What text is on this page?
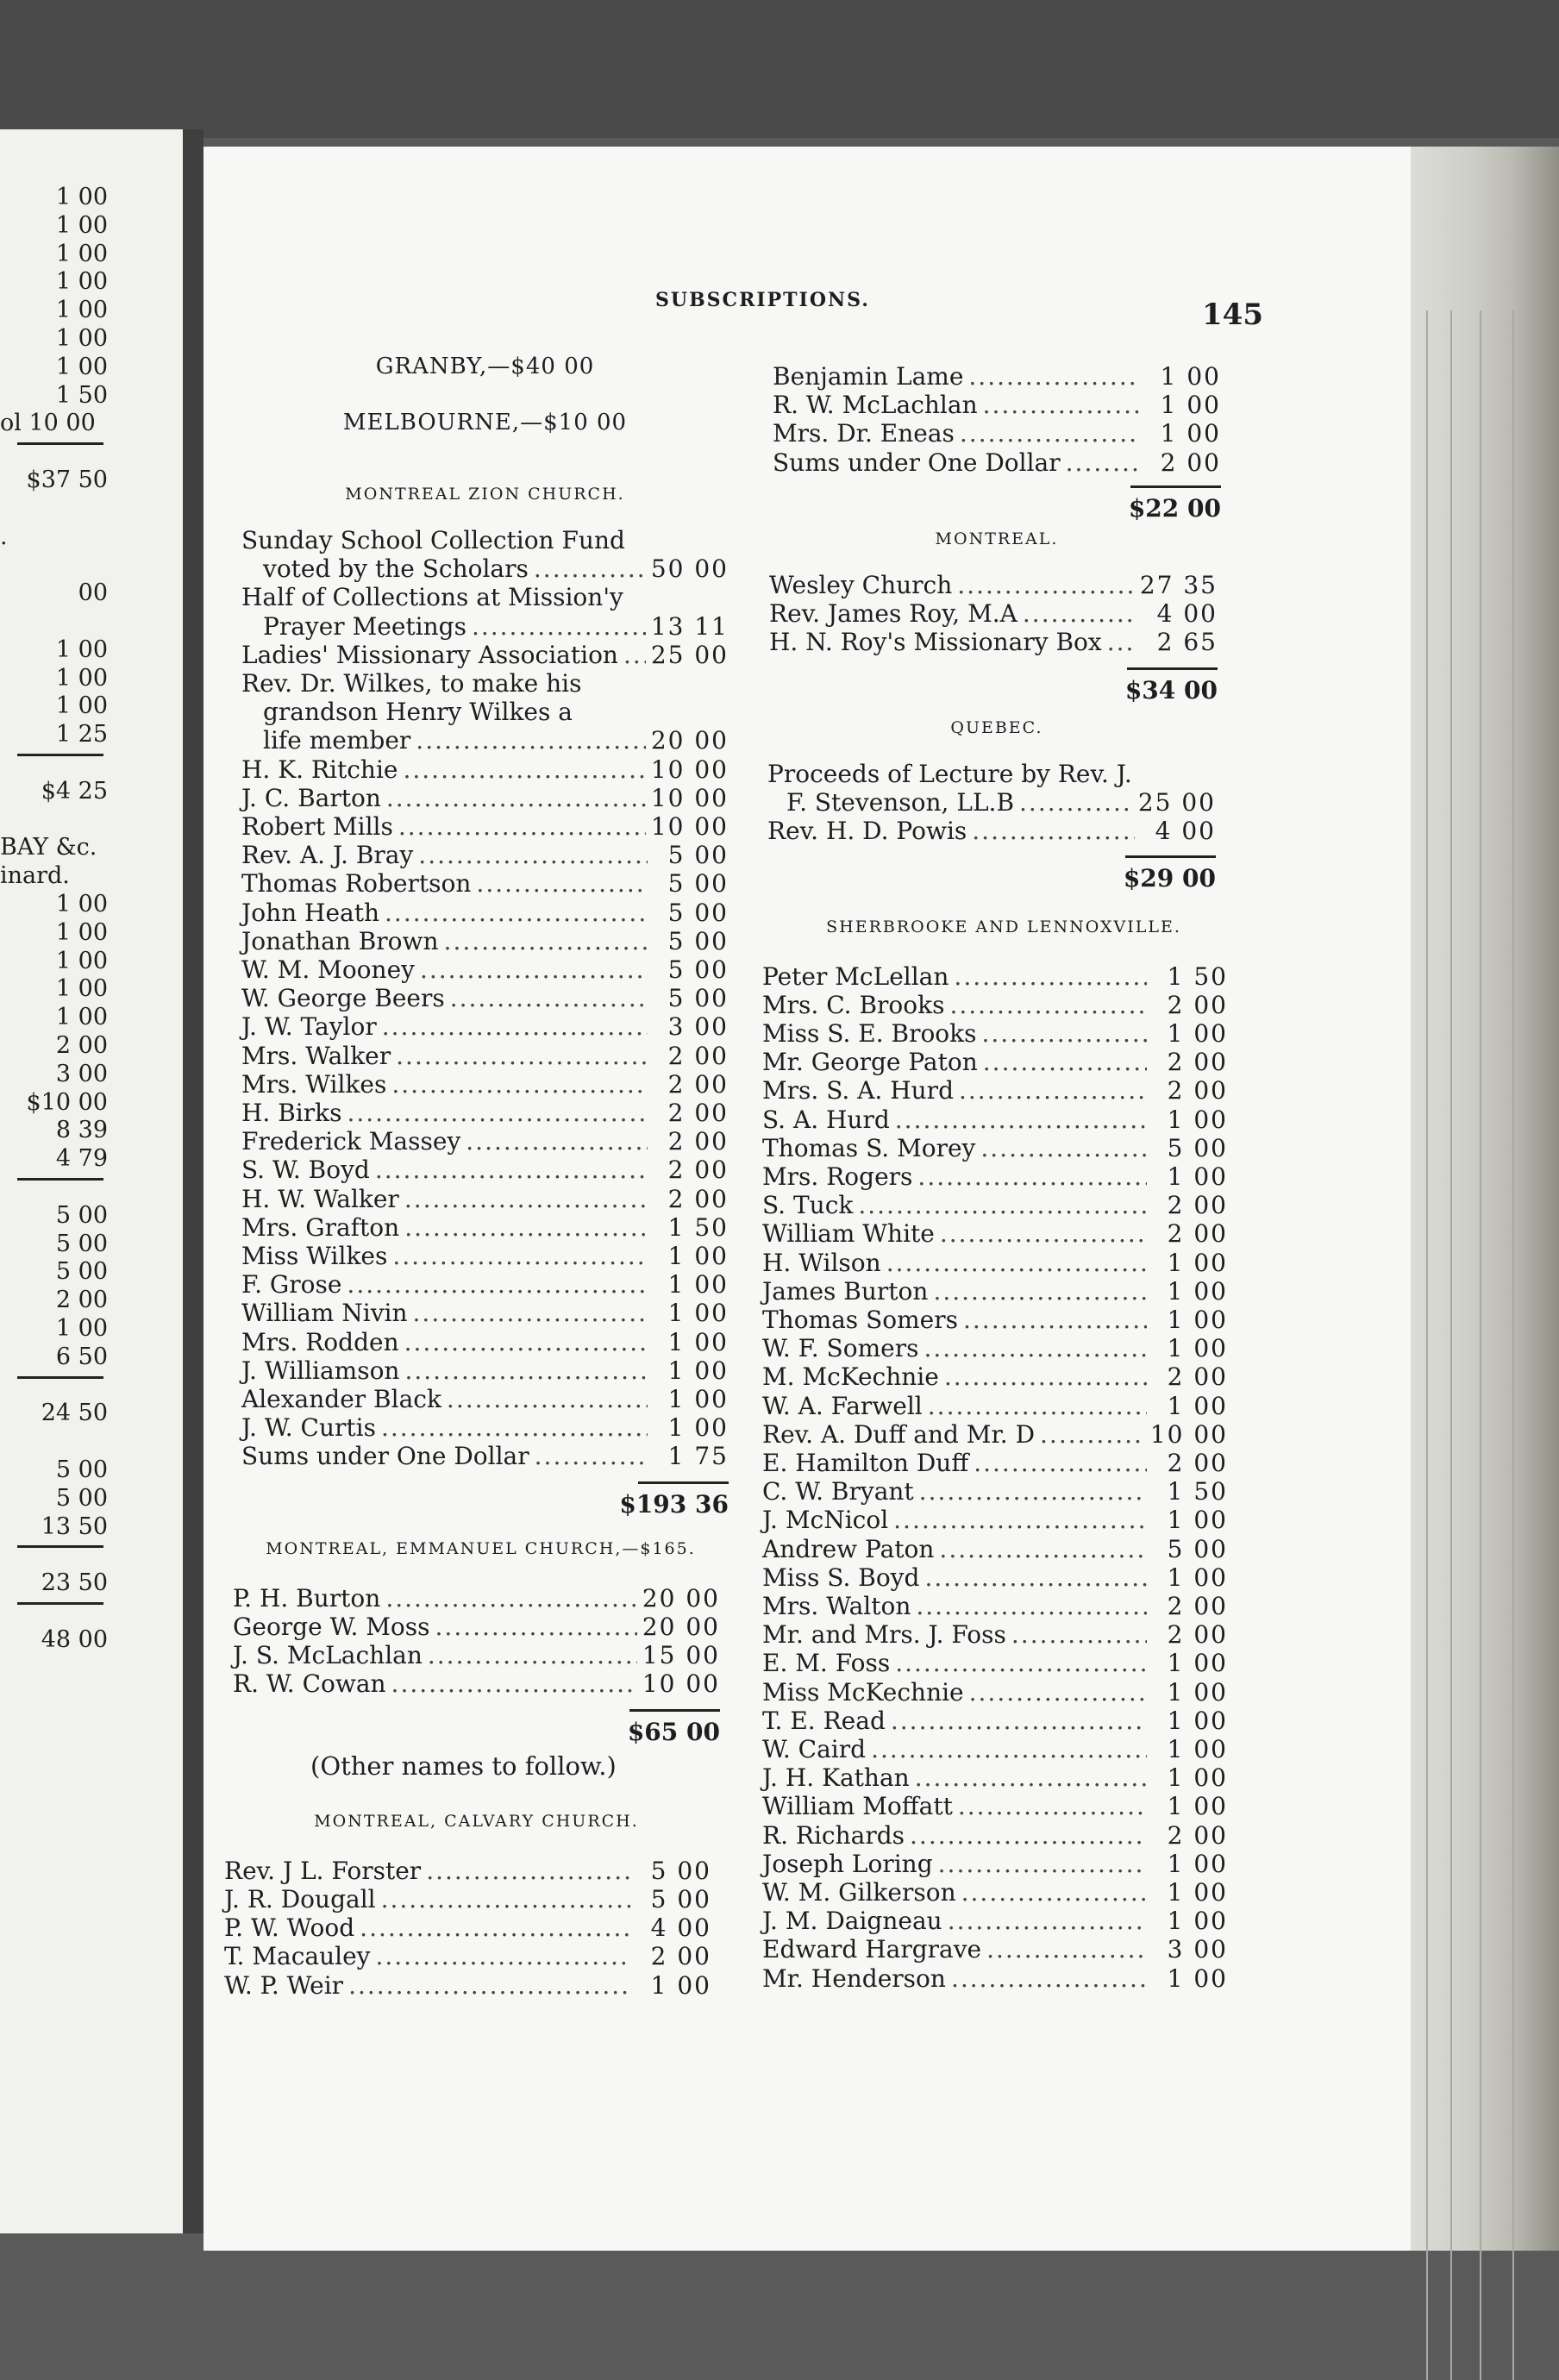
1 00
1 00
1 00
1 00
1 00
1 00
1 00
1 50
ol 10 00
$37 50
.
00
1 00
1 00
1 00
1 25
$4 25
BAY &c.
inard.
1 00
1 00
1 00
1 00
1 00
2 00
3 00
$10 00
8 39
4 79
5 00
5 00
5 00
2 00
1 00
6 50
24 50
5 00
5 00
13 50
23 50
48 00
SUBSCRIPTIONS.	145
GRANBY,—$40 00
MELBOURNE,—$10 00
MONTREAL ZION CHURCH.
Sunday School Collection Fund
voted by the Scholars .....	50 00
Half of Collections at Mission'y
Prayer Meetings .....	13 11
Ladies' Missionary Association ..... 25 00
Rev. Dr. Wilkes, to make his
grandson Henry Wilkes a
life member .....	20 00
H. K. Ritchie .....	10 00
J. C. Barton .....	10 00
Robert Mills .....	10 00
Rev. A. J. Bray .....	5 00
Thomas Robertson .....	5 00
John Heath .....	5 00
Jonathan Brown .....	5 00
W. M. Mooney .....	5 00
W. George Beers .....	5 00
J. W. Taylor .....	3 00
Mrs. Walker .....	2 00
Mrs. Wilkes .....	2 00
H. Birks .....	2 00
Frederick Massey .....	2 00
S. W. Boyd .....	2 00
H. W. Walker .....	2 00
Mrs. Grafton .....	1 50
Miss Wilkes .....	1 00
F. Grose .....	1 00
William Nivin .....	1 00
Mrs. Rodden .....	1 00
J. Williamson .....	1 00
Alexander Black .....	1 00
J. W. Curtis .....	1 00
Sums under One Dollar .....	1 75
$193 36
MONTREAL, EMMANUEL CHURCH,—$165.
P. H. Burton .....	20 00
George W. Moss .....	20 00
J. S. McLachlan .....	15 00
R. W. Cowan .....	10 00
$65 00
(Other names to follow.)
MONTREAL, CALVARY CHURCH.
Rev. J L. Forster .....	5 00
J. R. Dougall .....	5 00
P. W. Wood .....	4 00
T. Macauley .....	2 00
W. P. Weir .....	1 00
Benjamin Lame .....	1 00
R. W. McLachlan .....	1 00
Mrs. Dr. Eneas .....	1 00
Sums under One Dollar .....	2 00
$22 00
MONTREAL.
Wesley Church .....	27 35
Rev. James Roy, M.A .....	4 00
H. N. Roy's Missionary Box .....	2 65
$34 00
QUEBEC.
Proceeds of Lecture by Rev. J.
F. Stevenson, LL.B .....	25 00
Rev. H. D. Powis .....	4 00
$29 00
SHERBROOKE AND LENNOXVILLE.
Peter McLellan .....	1 50
Mrs. C. Brooks .....	2 00
Miss S. E. Brooks .....	1 00
Mr. George Paton .....	2 00
Mrs. S. A. Hurd .....	2 00
S. A. Hurd .....	1 00
Thomas S. Morey .....	5 00
Mrs. Rogers .....	1 00
S. Tuck .....	2 00
William White .....	2 00
H. Wilson .....	1 00
James Burton .....	1 00
Thomas Somers .....	1 00
W. F. Somers .....	1 00
M. McKechnie .....	2 00
W. A. Farwell .....	1 00
Rev. A. Duff and Mr. D .....	10 00
E. Hamilton Duff .....	2 00
C. W. Bryant .....	1 50
J. McNicol .....	1 00
Andrew Paton .....	5 00
Miss S. Boyd .....	1 00
Mrs. Walton .....	2 00
Mr. and Mrs. J. Foss .....	2 00
E. M. Foss .....	1 00
Miss McKechnie .....	1 00
T. E. Read .....	1 00
W. Caird .....	1 00
J. H. Kathan .....	1 00
William Moffatt .....	1 00
R. Richards .....	2 00
Joseph Loring .....	1 00
W. M. Gilkerson .....	1 00
J. M. Daigneau .....	1 00
Edward Hargrave .....	3 00
Mr. Henderson .....	1 00
